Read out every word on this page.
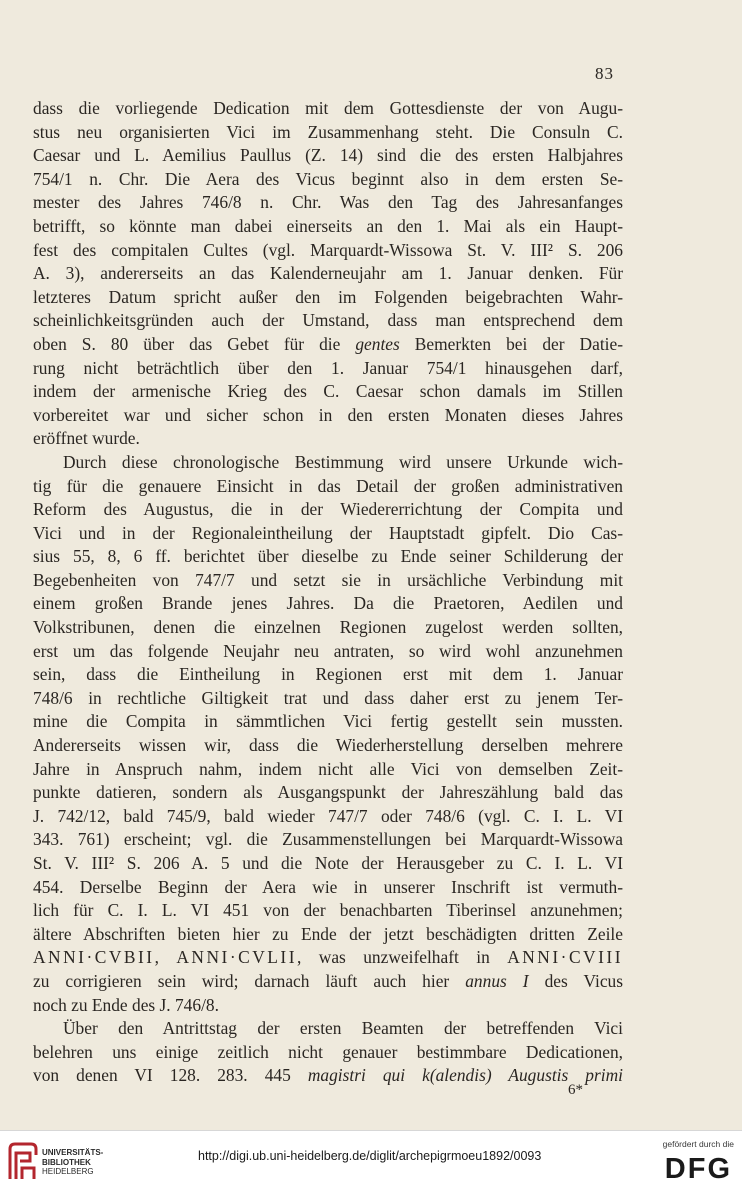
83
dass die vorliegende Dedication mit dem Gottesdienste der von Augu-
stus neu organisierten Vici im Zusammenhang steht. Die Consuln C.
Caesar und L. Aemilius Paullus (Z. 14) sind die des ersten Halbjahres
754/1 n. Chr. Die Aera des Vicus beginnt also in dem ersten Se-
mester des Jahres 746/8 n. Chr. Was den Tag des Jahresanfanges
betrifft, so könnte man dabei einerseits an den 1. Mai als ein Haupt-
fest des compitalen Cultes (vgl. Marquardt-Wissowa St. V. III² S. 206
A. 3), andererseits an das Kalenderneujahr am 1. Januar denken. Für
letzteres Datum spricht außer den im Folgenden beigebrachten Wahr-
scheinlichkeitsgründen auch der Umstand, dass man entsprechend dem
oben S. 80 über das Gebet für die gentes Bemerkten bei der Datie-
rung nicht beträchtlich über den 1. Januar 754/1 hinausgehen darf,
indem der armenische Krieg des C. Caesar schon damals im Stillen
vorbereitet war und sicher schon in den ersten Monaten dieses Jahres
eröffnet wurde.
Durch diese chronologische Bestimmung wird unsere Urkunde wich-
tig für die genauere Einsicht in das Detail der großen administrativen
Reform des Augustus, die in der Wiedererrichtung der Compita und
Vici und in der Regionaleintheilung der Hauptstadt gipfelt. Dio Cas-
sius 55, 8, 6 ff. berichtet über dieselbe zu Ende seiner Schilderung der
Begebenheiten von 747/7 und setzt sie in ursächliche Verbindung mit
einem großen Brande jenes Jahres. Da die Praetoren, Aedilen und
Volkstribunen, denen die einzelnen Regionen zugelost werden sollten,
erst um das folgende Neujahr neu antraten, so wird wohl anzunehmen
sein, dass die Eintheilung in Regionen erst mit dem 1. Januar
748/6 in rechtliche Giltigkeit trat und dass daher erst zu jenem Ter-
mine die Compita in sämmtlichen Vici fertig gestellt sein mussten.
Andererseits wissen wir, dass die Wiederherstellung derselben mehrere
Jahre in Anspruch nahm, indem nicht alle Vici von demselben Zeit-
punkte datieren, sondern als Ausgangspunkt der Jahreszählung bald das
J. 742/12, bald 745/9, bald wieder 747/7 oder 748/6 (vgl. C. I. L. VI
343. 761) erscheint; vgl. die Zusammenstellungen bei Marquardt-Wissowa
St. V. III² S. 206 A. 5 und die Note der Herausgeber zu C. I. L. VI
454. Derselbe Beginn der Aera wie in unserer Inschrift ist vermuth-
lich für C. I. L. VI 451 von der benachbarten Tiberinsel anzunehmen;
ältere Abschriften bieten hier zu Ende der jetzt beschädigten dritten Zeile
ANNI·CVBII, ANNI·CVLII, was unzweifelhaft in ANNI·CVIII
zu corrigieren sein wird; darnach läuft auch hier annus I des Vicus
noch zu Ende des J. 746/8.
Über den Antrittstag der ersten Beamten der betreffenden Vici
belehren uns einige zeitlich nicht genauer bestimmbare Dedicationen,
von denen VI 128. 283. 445 magistri qui k(alendis) Augustis primi
6*
UNIVERSITÄTS-
BIBLIOTHEK
HEIDELBERG
http://digi.ub.uni-heidelberg.de/diglit/archepigrmoeu1892/0093
gefördert durch die
DFG
